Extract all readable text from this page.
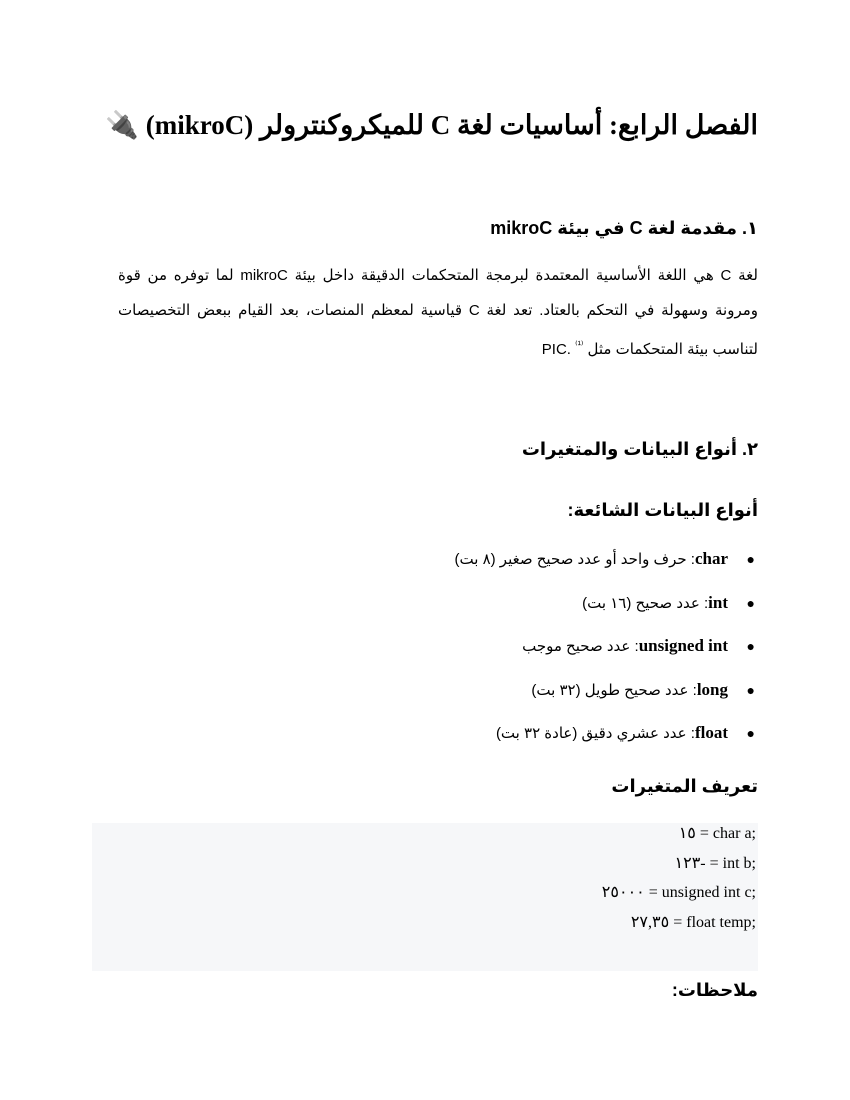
الفصل الرابع: أساسيات لغة C للميكروكنترولر (mikroC) 🔌
١. مقدمة لغة C في بيئة mikroC
لغة C هي اللغة الأساسية المعتمدة لبرمجة المتحكمات الدقيقة داخل بيئة mikroC لما توفره من قوة ومرونة وسهولة في التحكم بالعتاد. تعد لغة C قياسية لمعظم المنصات، بعد القيام ببعض التخصيصات لتناسب بيئة المتحكمات مثل PIC. $^{^{(1)}}$
٢. أنواع البيانات والمتغيرات
أنواع البيانات الشائعة:
●
char: حرف واحد أو عدد صحيح صغير (٨ بت)
●
int: عدد صحيح (١٦ بت)
●
unsigned int: عدد صحيح موجب
●
long: عدد صحيح طويل (٣٢ بت)
●
float: عدد عشري دقيق (عادة ٣٢ بت)
تعريف المتغيرات
;char a = ١٥
;int b = -١٢٣
;unsigned int c = ٢٥٠٠٠
;float temp = ٢٧,٣٥
ملاحظات:
